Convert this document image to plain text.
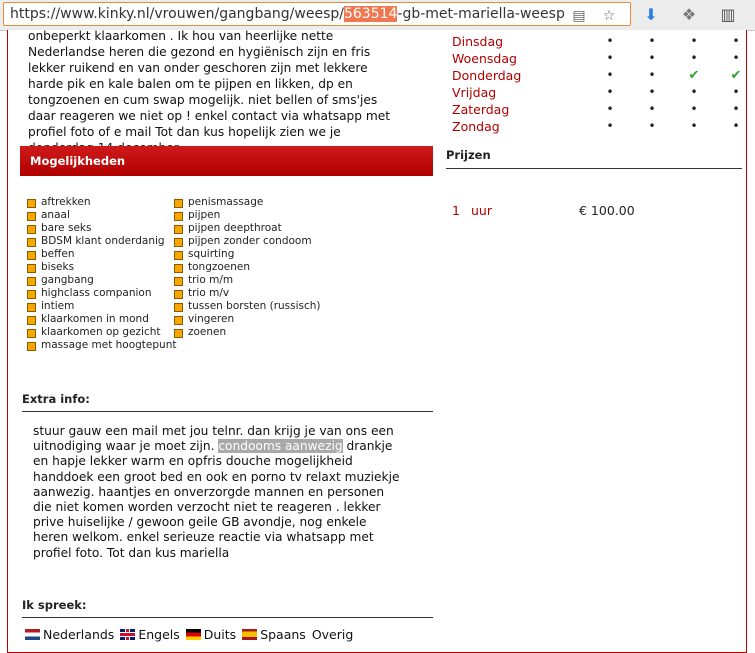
https://www.kinky.nl/vrouwen/gangbang/weesp/563514-gb-met-mariella-weesp ▤ ☆ ⬇ ❖ ▥
onbeperkt klaarkomen . Ik hou van heerlijke nette Nederlandse heren die gezond en hygiënisch zijn en fris lekker ruikend en van onder geschoren zijn met lekkere harde pik en kale balen om te pijpen en likken, dp en tongzoenen en cum swap mogelijk. niet bellen of sms'jes daar reageren we niet op ! enkel contact via whatsapp met profiel foto of e mail Tot dan kus hopelijk zien we je
Mogelijkheden
aftrekken
anaal
bare seks
BDSM klant onderdanig
beffen
biseks
gangbang
highclass companion
intiem
klaarkomen in mond
klaarkomen op gezicht
massage met hoogtepunt
penismassage
pijpen
pijpen deepthroat
pijpen zonder condoom
squirting
tongzoenen
trio m/m
trio m/v
tussen borsten (russisch)
vingeren
zoenen
Extra info:
stuur gauw een mail met jou telnr. dan krijg je van ons een uitnodiging waar je moet zijn. condooms aanwezig drankje en hapje lekker warm en opfris douche mogelijkheid handdoek een groot bed en ook en porno tv relaxt muziekje aanwezig. haantjes en onverzorgde mannen en personen die niet komen worden verzocht niet te reageren . lekker prive huiselijke / gewoon geile GB avondje, nog enkele heren welkom. enkel serieuze reactie via whatsapp met profiel foto. Tot dan kus mariella
Ik spreek:
Nederlands Engels Duits Spaans Overig
Dinsdag	•	•	•	•
Woensdag	•	•	•	•
Donderdag	•	•	✔ ✔
Vrijdag	•	•	•	•
Zaterdag	•	•	•	•
Zondag	•	•	•	•
Prijzen
1 uur	€ 100.00
